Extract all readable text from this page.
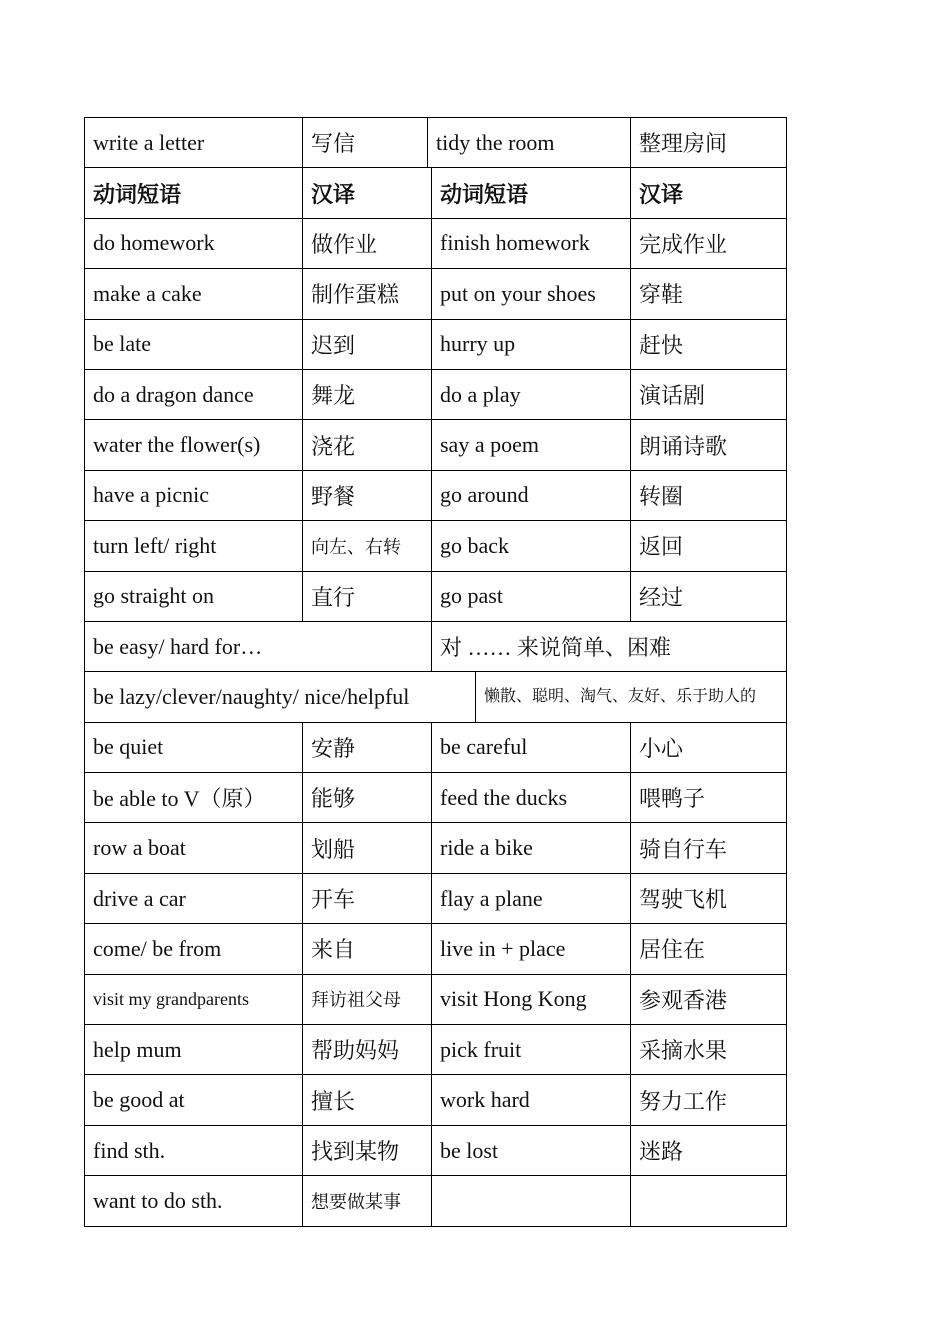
write a letter	写信	tidy the room	整理房间
动词短语	汉译	动词短语	汉译
do homework	做作业	finish homework	完成作业
make a cake	制作蛋糕	put on your shoes	穿鞋
be late	迟到	hurry up	赶快
do a dragon dance	舞龙	do a play	演话剧
water the flower(s)	浇花	say a poem	朗诵诗歌
have a picnic	野餐	go around	转圈
turn left/ right	向左、右转	go back	返回
go straight on	直行	go past	经过
be easy/ hard for…	对 …… 来说简单、困难
be lazy/clever/naughty/ nice/helpful	懒散、聪明、淘气、友好、乐于助人的
be quiet	安静	be careful	小心
be able to V（原）	能够	feed the ducks	喂鸭子
row a boat	划船	ride a bike	骑自行车
drive a car	开车	flay a plane	驾驶飞机
come/ be from	来自	live in + place	居住在
visit my grandparents	拜访祖父母	visit Hong Kong	参观香港
help mum	帮助妈妈	pick fruit	采摘水果
be good at	擅长	work hard	努力工作
find sth.	找到某物	be lost	迷路
want to do sth.	想要做某事
